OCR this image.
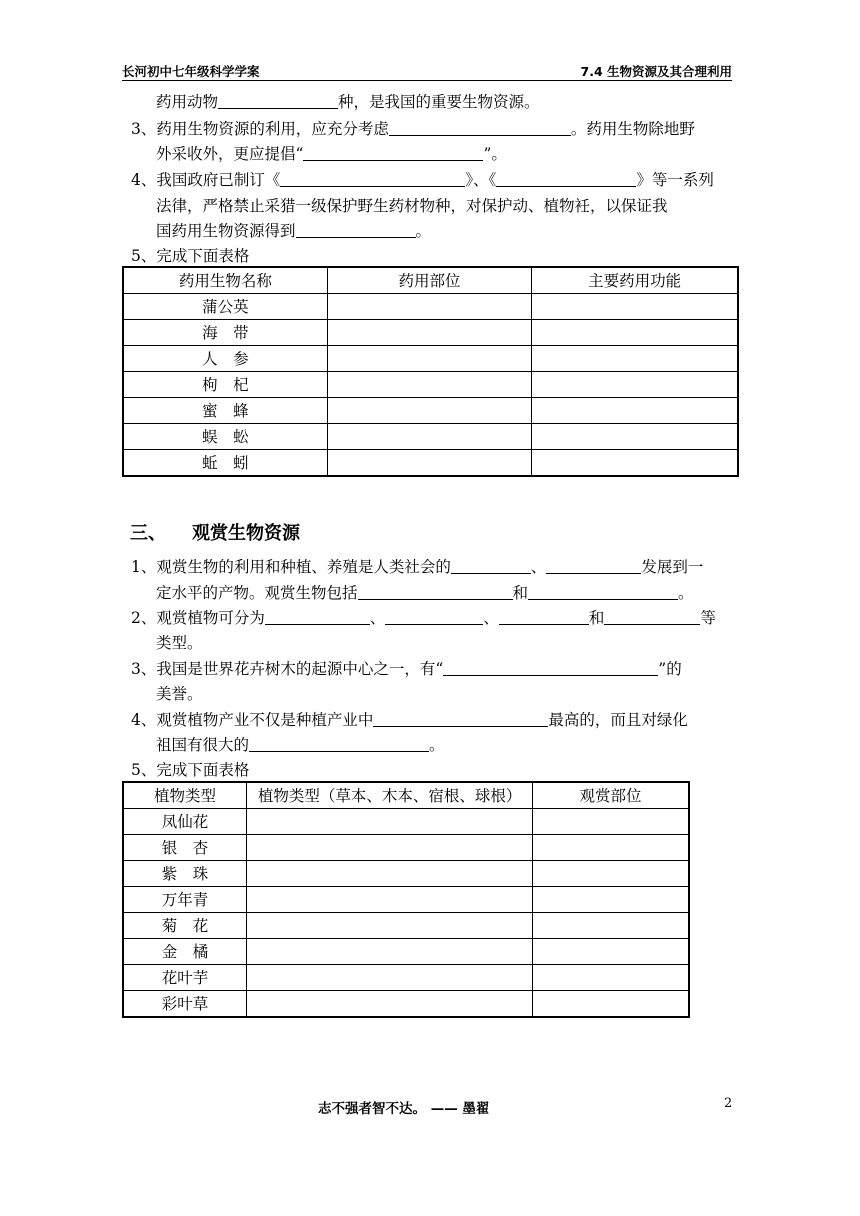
长河初中七年级科学学案	7.4 生物资源及其合理利用
药用动物	种，是我国的重要生物资源。
3、药用生物资源的利用，应充分考虑	。药用生物除地野
外采收外，更应提倡“	”。
4、我国政府已制订《	》、《	》等一系列
法律，严格禁止采猎一级保护野生药材物种，对保护动、植物衽，以保证我
国药用生物资源得到	。
5、完成下面表格
药用生物名称	药用部位	主要药用功能
蒲公英		
海　带		
人　参		
枸　杞		
蜜　蜂		
蜈　蚣		
蚯　蚓		
三、 观赏生物资源
1、观赏生物的利用和种植、养殖是人类社会的	、	发展到一
定水平的产物。观赏生物包括	和	。
2、观赏植物可分为	、	、	和	等
类型。
3、我国是世界花卉树木的起源中心之一，有“	”的
美誉。
4、观赏植物产业不仅是种植产业中	最高的，而且对绿化
祖国有很大的	。
5、完成下面表格
植物类型	植物类型（草本、木本、宿根、球根）	观赏部位
凤仙花		
银　杏		
紫　珠		
万年青		
菊　花		
金　橘		
花叶芋		
彩叶草		
志不强者智不达。 —— 墨翟	2
